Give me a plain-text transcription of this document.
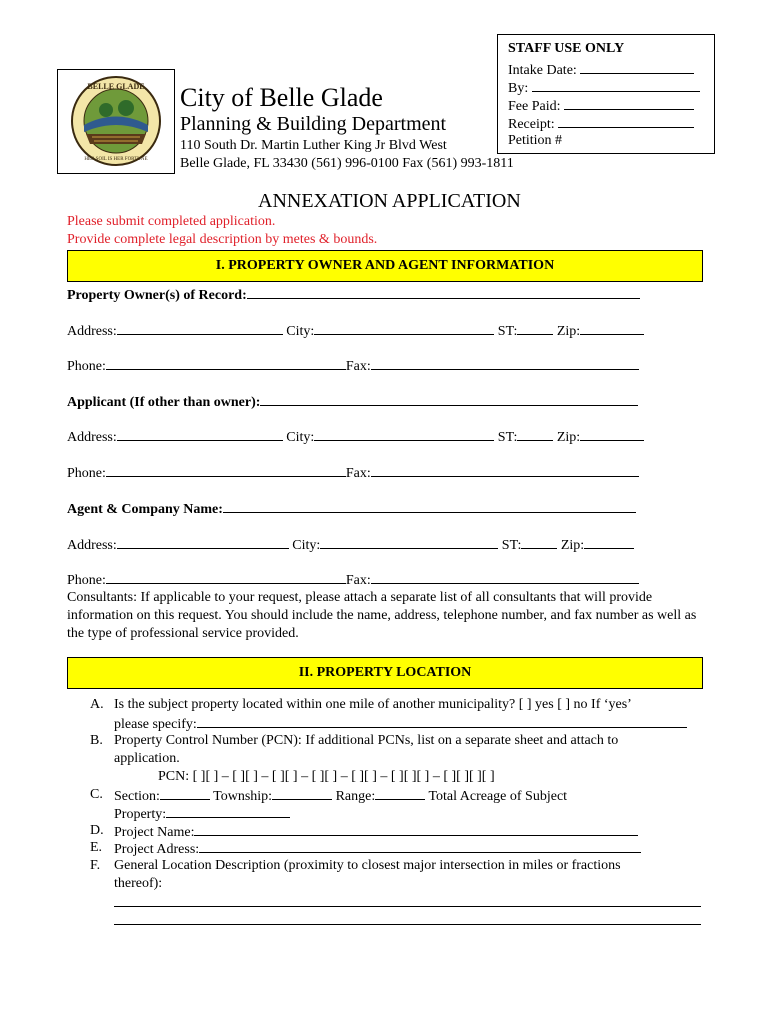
STAFF USE ONLY
Intake Date:
By:
Fee Paid:
Receipt:
Petition #
BELLE GLADE
HER SOIL IS HER FORTUNE
City of Belle Glade
Planning & Building Department
110 South Dr. Martin Luther King Jr Blvd West
Belle Glade, FL 33430 (561) 996-0100 Fax (561) 993-1811
ANNEXATION APPLICATION
Please submit completed application.
Provide complete legal description by metes & bounds.
I. PROPERTY OWNER AND AGENT INFORMATION
Property Owner(s) of Record:
Address:	City:	ST:	Zip:
Phone:	Fax:
Applicant (If other than owner):
Address:	City:	ST:	Zip:
Phone:	Fax:
Agent & Company Name:
Address:	City:	ST:	Zip:
Phone:	Fax:
Consultants: If applicable to your request, please attach a separate list of all consultants that will provide information on this request. You should include the name, address, telephone number, and fax number as well as the type of professional service provided.
II. PROPERTY LOCATION
A. Is the subject property located within one mile of another municipality? [ ] yes [ ] no If ‘yes’
please specify:
B. Property Control Number (PCN): If additional PCNs, list on a separate sheet and attach to
application.
PCN: [ ][ ] – [ ][ ] – [ ][ ] – [ ][ ] – [ ][ ] – [ ][ ][ ] – [ ][ ][ ][ ]
C. Section:	Township:	Range:	Total Acreage of Subject
Property:
D. Project Name:
E. Project Adress:
F. General Location Description (proximity to closest major intersection in miles or fractions
thereof):
